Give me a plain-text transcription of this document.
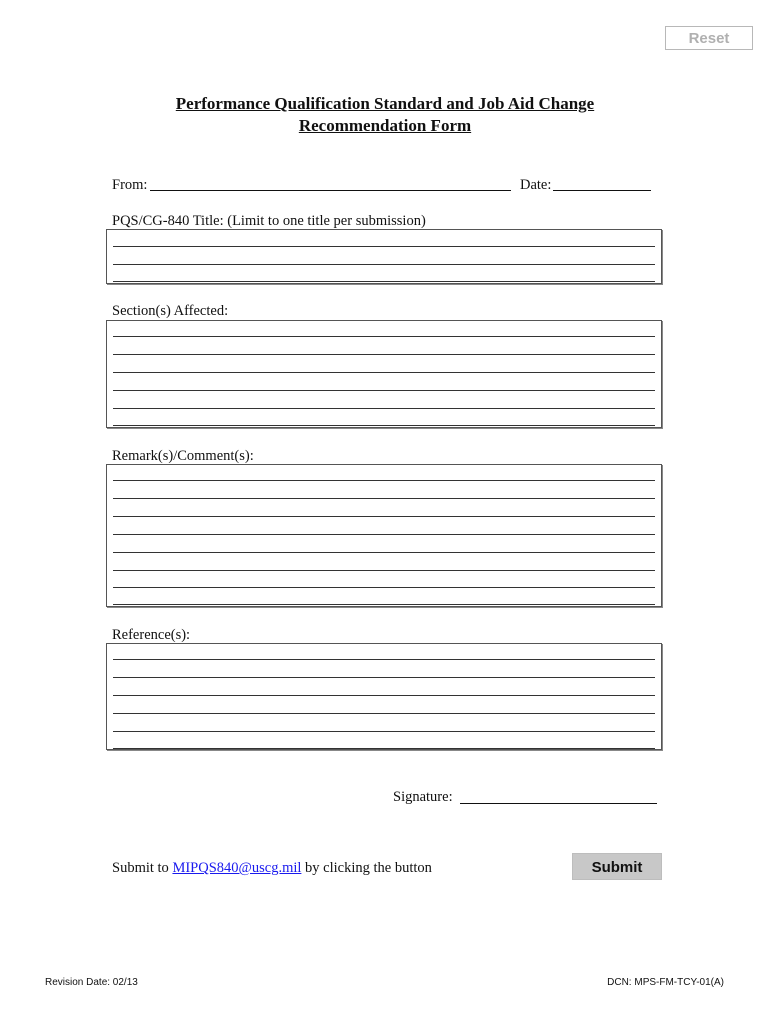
Reset
Performance Qualification Standard and Job Aid Change
Recommendation Form
From:	Date:
PQS/CG-840 Title: (Limit to one title per submission)
Section(s) Affected:
Remark(s)/Comment(s):
Reference(s):
Signature:
Submit to MIPQS840@uscg.mil by clicking the button	Submit
Revision Date: 02/13	DCN: MPS-FM-TCY-01(A)
